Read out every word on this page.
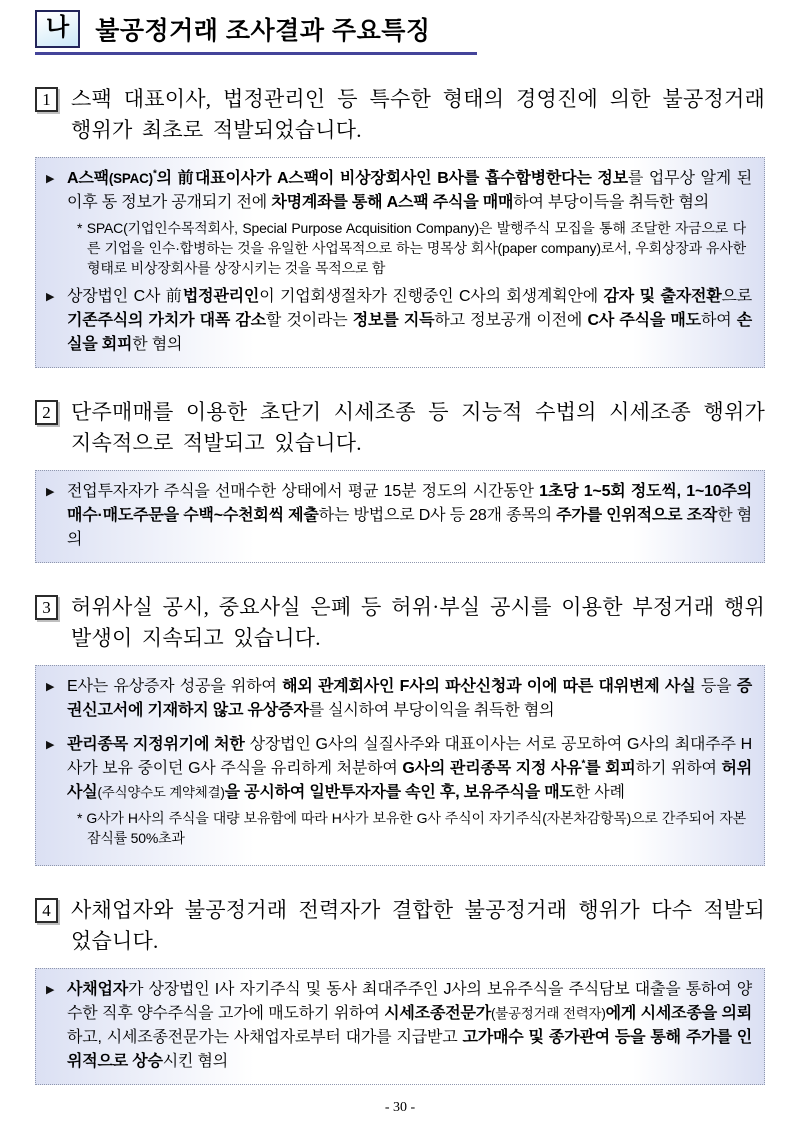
나	불공정거래 조사결과 주요특징
1 스팩 대표이사, 법정관리인 등 특수한 형태의 경영진에 의한 불공정거래 행위가 최초로 적발되었습니다.
▶ A스팩(SPAC)*의 前대표이사가 A스팩이 비상장회사인 B사를 흡수합병한다는 정보를 업무상 알게 된 이후 동 정보가 공개되기 전에 차명계좌를 통해 A스팩 주식을 매매하여 부당이득을 취득한 혐의

* SPAC(기업인수목적회사, Special Purpose Acquisition Company)은 발행주식 모집을 통해 조달한 자금으로 다른 기업을 인수·합병하는 것을 유일한 사업목적으로 하는 명목상 회사(paper company)로서, 우회상장과 유사한 형태로 비상장회사를 상장시키는 것을 목적으로 함

▶ 상장법인 C사 前법정관리인이 기업회생절차가 진행중인 C사의 회생계획안에 감자 및 출자전환으로 기존주식의 가치가 대폭 감소할 것이라는 정보를 지득하고 정보공개 이전에 C사 주식을 매도하여 손실을 회피한 혐의

2 단주매매를 이용한 초단기 시세조종 등 지능적 수법의 시세조종 행위가 지속적으로 적발되고 있습니다.
▶ 전업투자자가 주식을 선매수한 상태에서 평균 15분 정도의 시간동안 1초당 1~5회 정도씩, 1~10주의 매수·매도주문을 수백~수천회씩 제출하는 방법으로 D사 등 28개 종목의 주가를 인위적으로 조작한 혐의

3 허위사실 공시, 중요사실 은폐 등 허위·부실 공시를 이용한 부정거래 행위 발생이 지속되고 있습니다.
▶ E사는 유상증자 성공을 위하여 해외 관계회사인 F사의 파산신청과 이에 따른 대위변제 사실 등을 증권신고서에 기재하지 않고 유상증자를 실시하여 부당이익을 취득한 혐의

▶ 관리종목 지정위기에 처한 상장법인 G사의 실질사주와 대표이사는 서로 공모하여 G사의 최대주주 H사가 보유 중이던 G사 주식을 유리하게 처분하여 G사의 관리종목 지정 사유*를 회피하기 위하여 허위사실(주식양수도 계약체결)을 공시하여 일반투자자를 속인 후, 보유주식을 매도한 사례

* G사가 H사의 주식을 대량 보유함에 따라 H사가 보유한 G사 주식이 자기주식(자본차감항목)으로 간주되어 자본잠식률 50%초과

4 사채업자와 불공정거래 전력자가 결합한 불공정거래 행위가 다수 적발되었습니다.
▶ 사채업자가 상장법인 I사 자기주식 및 동사 최대주주인 J사의 보유주식을 주식담보 대출을 통하여 양수한 직후 양수주식을 고가에 매도하기 위하여 시세조종전문가(불공정거래 전력자)에게 시세조종을 의뢰하고, 시세조종전문가는 사채업자로부터 대가를 지급받고 고가매수 및 종가관여 등을 통해 주가를 인위적으로 상승시킨 혐의

- 30 -
